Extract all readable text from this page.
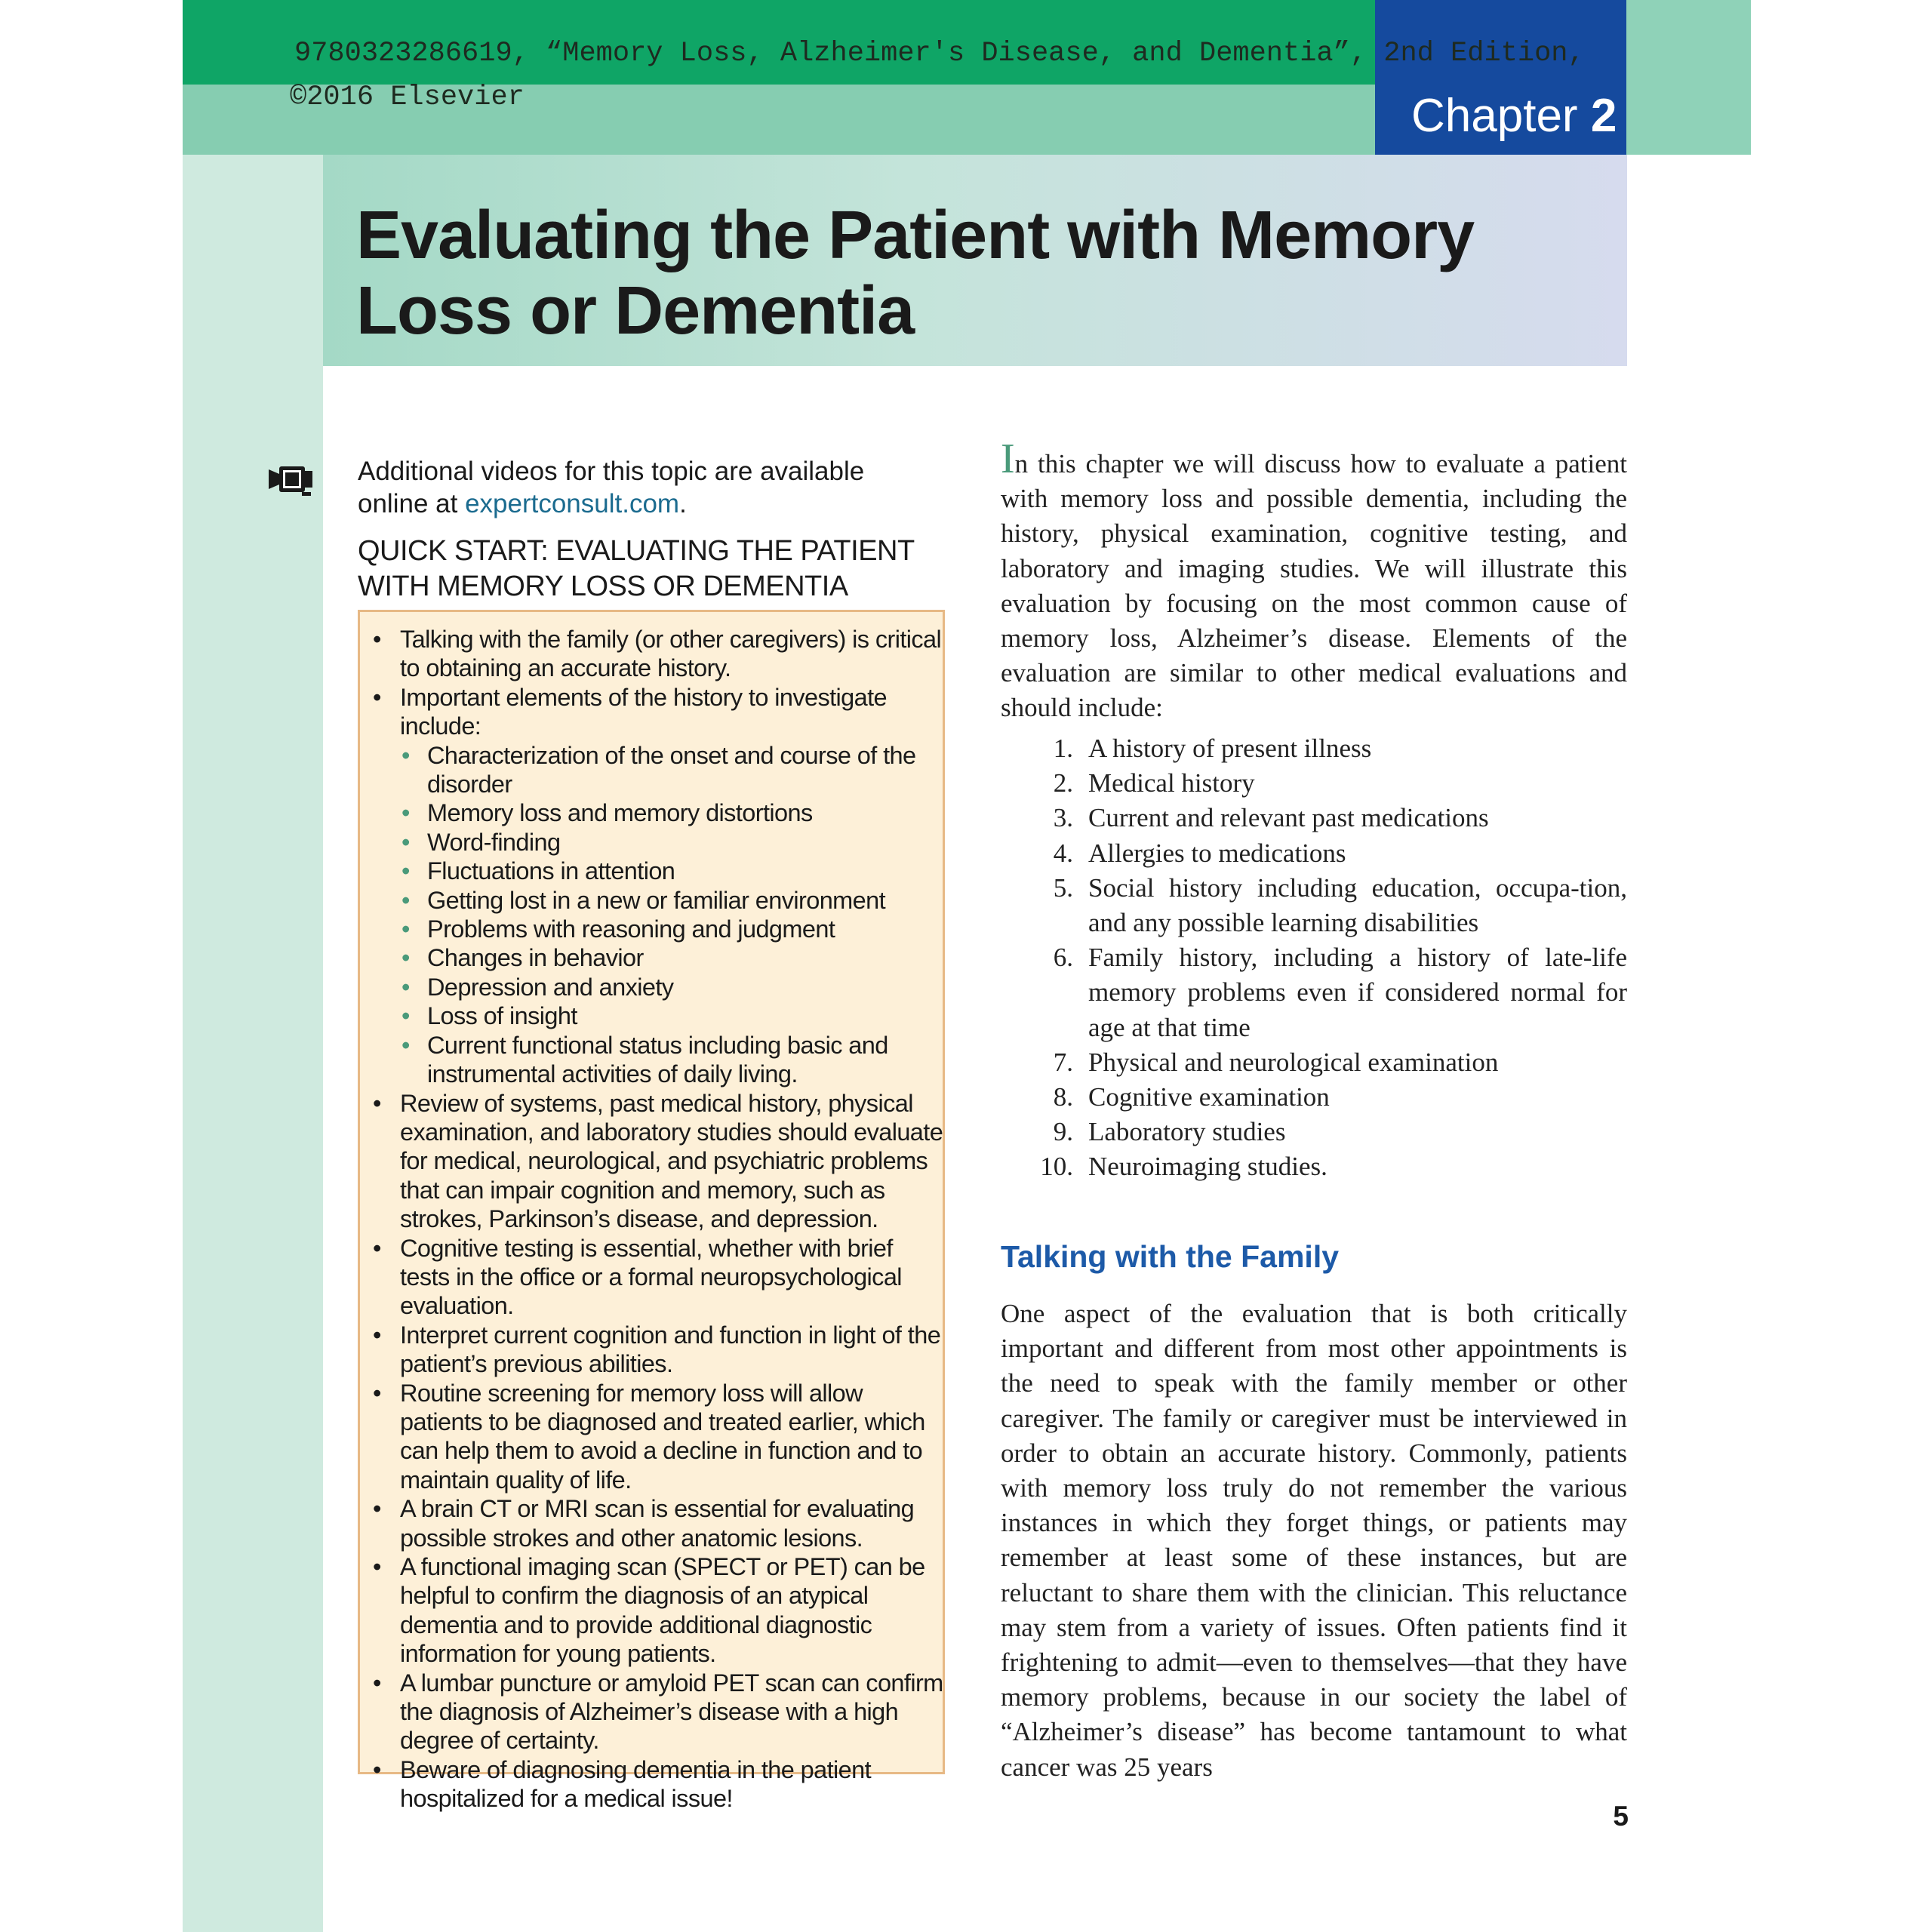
Chapter 2
9780323286619, “Memory Loss, Alzheimer's Disease, and Dementia”, 2nd Edition,
©2016 Elsevier
Evaluating the Patient with Memory
Loss or Dementia
Additional videos for this topic are available
online at expertconsult.com.
QUICK START: EVALUATING THE PATIENT
WITH MEMORY LOSS OR DEMENTIA

• Talking with the family (or other caregivers) is critical to obtaining an accurate history.

• Important elements of the history to investigate include:

• Characterization of the onset and course of the disorder

• Memory loss and memory distortions

• Word-finding

• Fluctuations in attention

• Getting lost in a new or familiar environment

• Problems with reasoning and judgment

• Changes in behavior

• Depression and anxiety

• Loss of insight

• Current functional status including basic and instrumental activities of daily living.

• Review of systems, past medical history, physical examination, and laboratory studies should evaluate for medical, neurological, and psychiatric problems that can impair cognition and memory, such as strokes, Parkinson’s disease, and depression.

• Cognitive testing is essential, whether with brief tests in the office or a formal neuropsychological evaluation.

• Interpret current cognition and function in light of the patient’s previous abilities.

• Routine screening for memory loss will allow patients to be diagnosed and treated earlier, which can help them to avoid a decline in function and to maintain quality of life.

• A brain CT or MRI scan is essential for evaluating possible strokes and other anatomic lesions.

• A functional imaging scan (SPECT or PET) can be helpful to confirm the diagnosis of an atypical dementia and to provide additional diagnostic information for young patients.

• A lumbar puncture or amyloid PET scan can confirm the diagnosis of Alzheimer’s disease with a high degree of certainty.

• Beware of diagnosing dementia in the patient hospitalized for a medical issue!

In this chapter we will discuss how to evaluate a patient with memory loss and possible dementia, including the history, physical examination, cognitive testing, and laboratory and imaging studies. We will illustrate this evaluation by focusing on the most common cause of memory loss, Alzheimer’s disease. Elements of the evaluation are similar to other medical evaluations and should include:
1. A history of present illness
2. Medical history
3. Current and relevant past medications
4. Allergies to medications
5. Social history including education, occupa-tion, and any possible learning disabilities
6. Family history, including a history of late-life memory problems even if considered normal for age at that time
7. Physical and neurological examination
8. Cognitive examination
9. Laboratory studies
10. Neuroimaging studies.
Talking with the Family
One aspect of the evaluation that is both critically important and different from most other appointments is the need to speak with the family member or other caregiver. The family or caregiver must be interviewed in order to obtain an accurate history. Commonly, patients with memory loss truly do not remember the various instances in which they forget things, or patients may remember at least some of these instances, but are reluctant to share them with the clinician. This reluctance may stem from a variety of issues. Often patients find it frightening to admit—even to themselves—that they have memory problems, because in our society the label of “Alzheimer’s disease” has become tantamount to what cancer was 25 years
5
